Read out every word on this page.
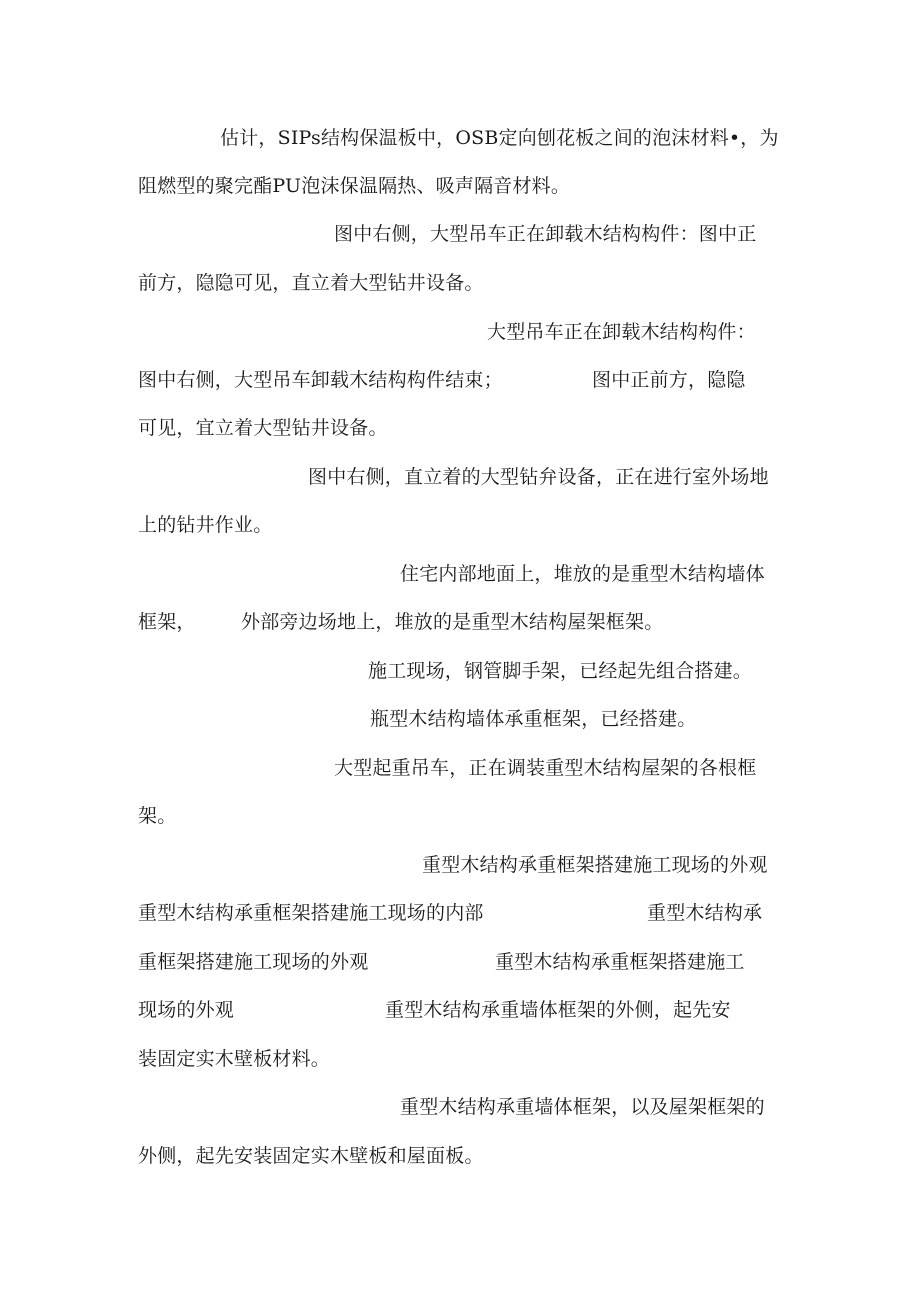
估计，SIPs结构保温板中，OSB定向刨花板之间的泡沫材料•，为
阻燃型的聚完酯PU泡沫保温隔热、吸声隔音材料。
图中右侧，大型吊车正在卸载木结构构件：图中正
前方，隐隐可见，直立着大型钻井设备。
大型吊车正在卸载木结构构件：
图中右侧，大型吊车卸载木结构构件结束；	图中正前方，隐隐
可见，宜立着大型钻井设备。
图中右侧，直立着的大型钻弁设备，正在进行室外场地
上的钻井作业。
住宅内部地面上，堆放的是重型木结构墙体
框架， 外部旁边场地上，堆放的是重型木结构屋架框架。
施工现场，钢管脚手架，已经起先组合搭建。
瓶型木结构墙体承重框架，已经搭建。
大型起重吊车，正在调装重型木结构屋架的各根框
架。
重型木结构承重框架搭建施工现场的外观
重型木结构承重框架搭建施工现场的内部	重型木结构承
重框架搭建施工现场的外观	重型木结构承重框架搭建施工
现场的外观	重型木结构承重墙体框架的外侧，起先安
装固定实木壁板材料。
重型木结构承重墙体框架，以及屋架框架的
外侧，起先安装固定实木壁板和屋面板。
